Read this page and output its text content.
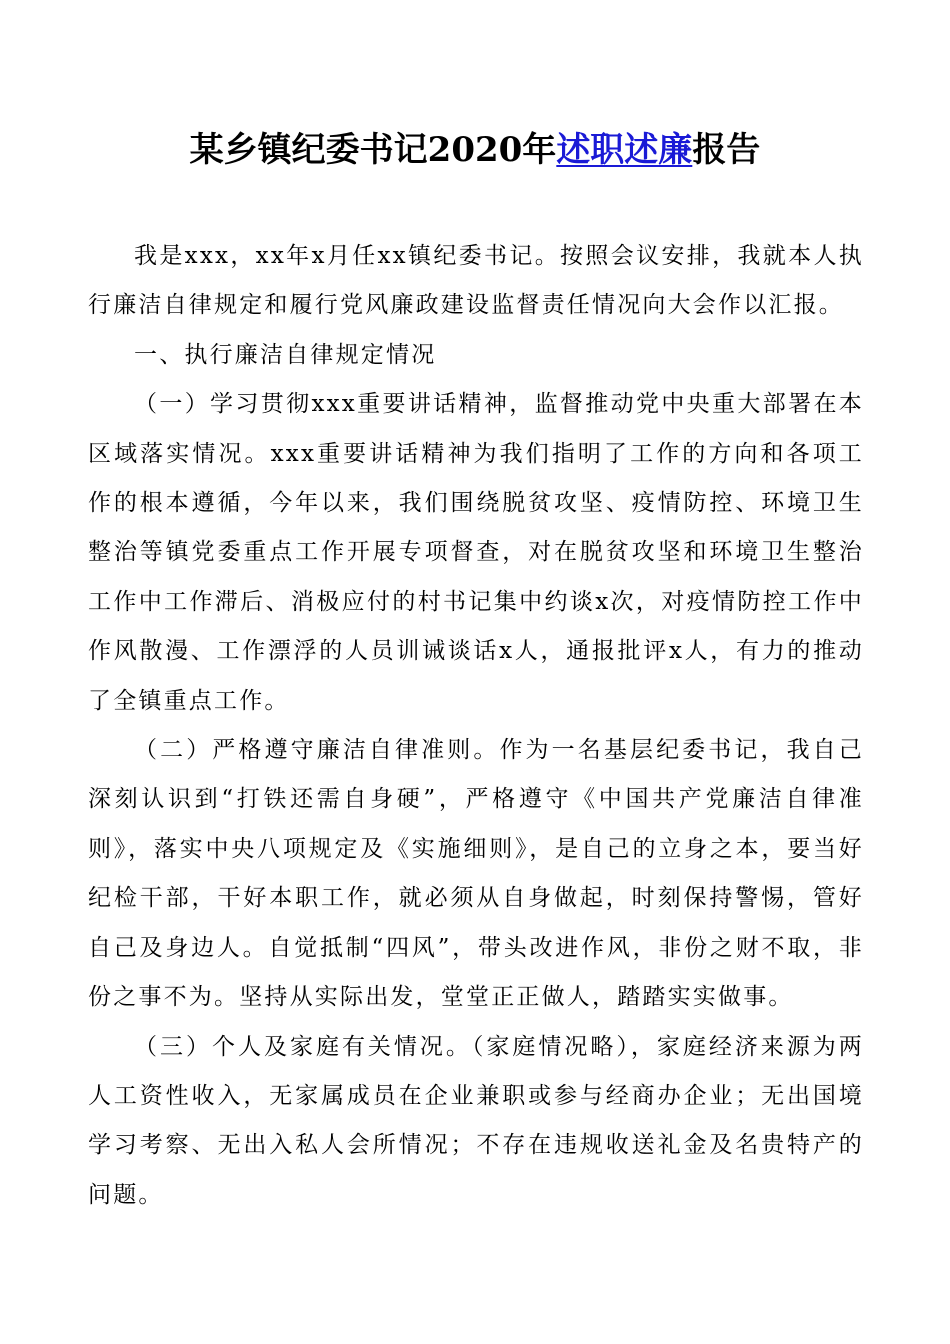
某乡镇纪委书记2020年述职述廉报告

我是xxx，xx年x月任xx镇纪委书记。按照会议安排，我就本人执行廉洁自律规定和履行党风廉政建设监督责任情况向大会作以汇报。

一、执行廉洁自律规定情况

（一）学习贯彻xxx重要讲话精神，监督推动党中央重大部署在本区域落实情况。xxx重要讲话精神为我们指明了工作的方向和各项工作的根本遵循，今年以来，我们围绕脱贫攻坚、疫情防控、环境卫生整治等镇党委重点工作开展专项督查，对在脱贫攻坚和环境卫生整治工作中工作滞后、消极应付的村书记集中约谈x次，对疫情防控工作中作风散漫、工作漂浮的人员训诫谈话x人，通报批评x人，有力的推动了全镇重点工作。

（二）严格遵守廉洁自律准则。作为一名基层纪委书记，我自己深刻认识到“打铁还需自身硬”，严格遵守《中国共产党廉洁自律准则》，落实中央八项规定及《实施细则》，是自己的立身之本，要当好纪检干部，干好本职工作，就必须从自身做起，时刻保持警惕，管好自己及身边人。自觉抵制“四风”，带头改进作风，非份之财不取，非份之事不为。坚持从实际出发，堂堂正正做人，踏踏实实做事。

（三）个人及家庭有关情况。（家庭情况略），家庭经济来源为两人工资性收入，无家属成员在企业兼职或参与经商办企业；无出国境学习考察、无出入私人会所情况；不存在违规收送礼金及名贵特产的问题。
